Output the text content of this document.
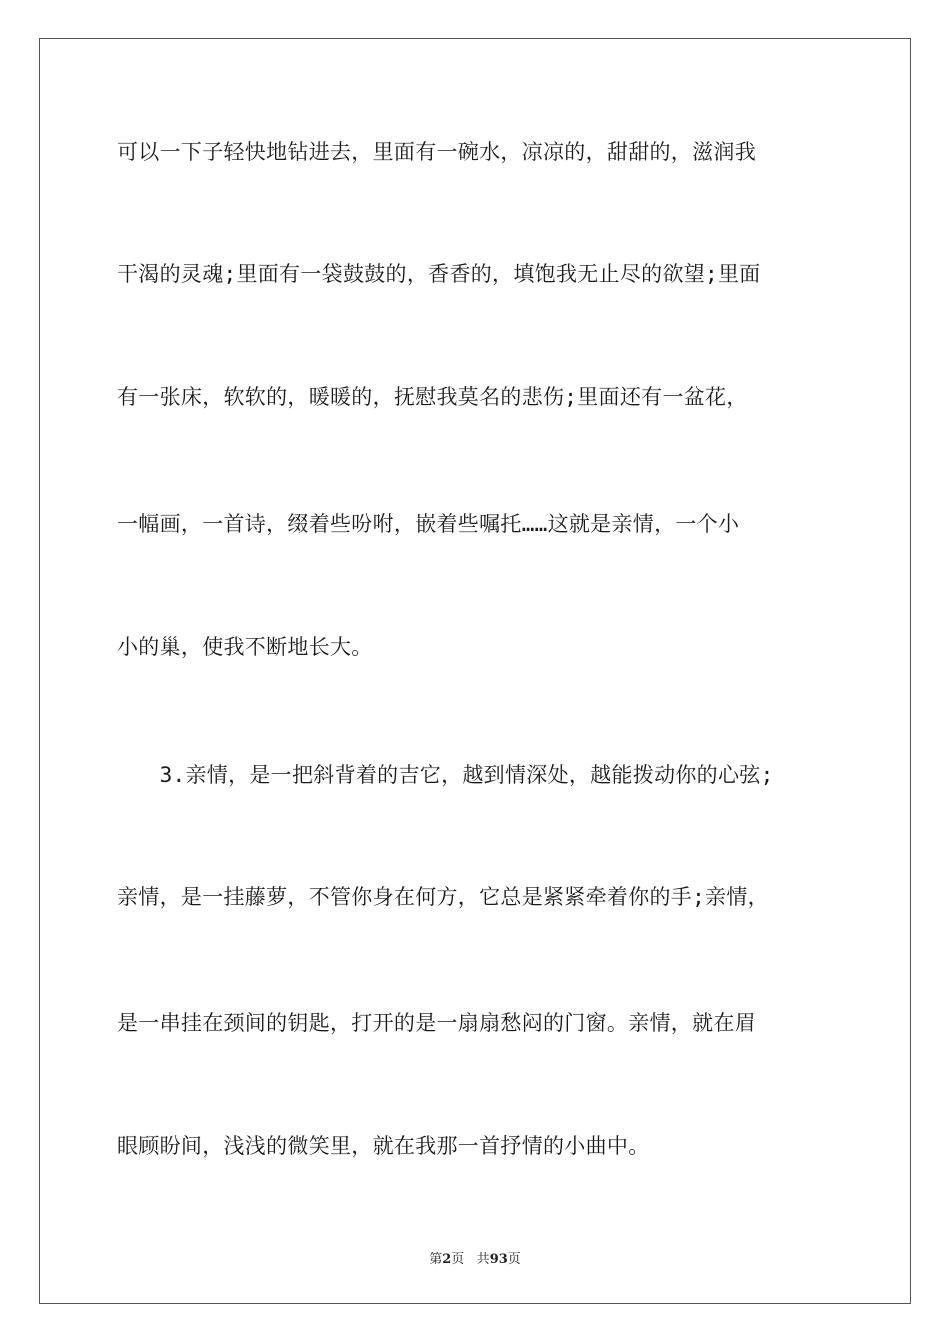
可以一下子轻快地钻进去，里面有一碗水，凉凉的，甜甜的，滋润我
干渴的灵魂;里面有一袋鼓鼓的，香香的，填饱我无止尽的欲望;里面
有一张床，软软的，暖暖的，抚慰我莫名的悲伤;里面还有一盆花，
一幅画，一首诗，缀着些吩咐，嵌着些嘱托……这就是亲情，一个小
小的巢，使我不断地长大。
　　3.亲情，是一把斜背着的吉它，越到情深处，越能拨动你的心弦;
亲情，是一挂藤萝，不管你身在何方，它总是紧紧牵着你的手;亲情，
是一串挂在颈间的钥匙，打开的是一扇扇愁闷的门窗。亲情，就在眉
眼顾盼间，浅浅的微笑里，就在我那一首抒情的小曲中。
第2页 共93页
